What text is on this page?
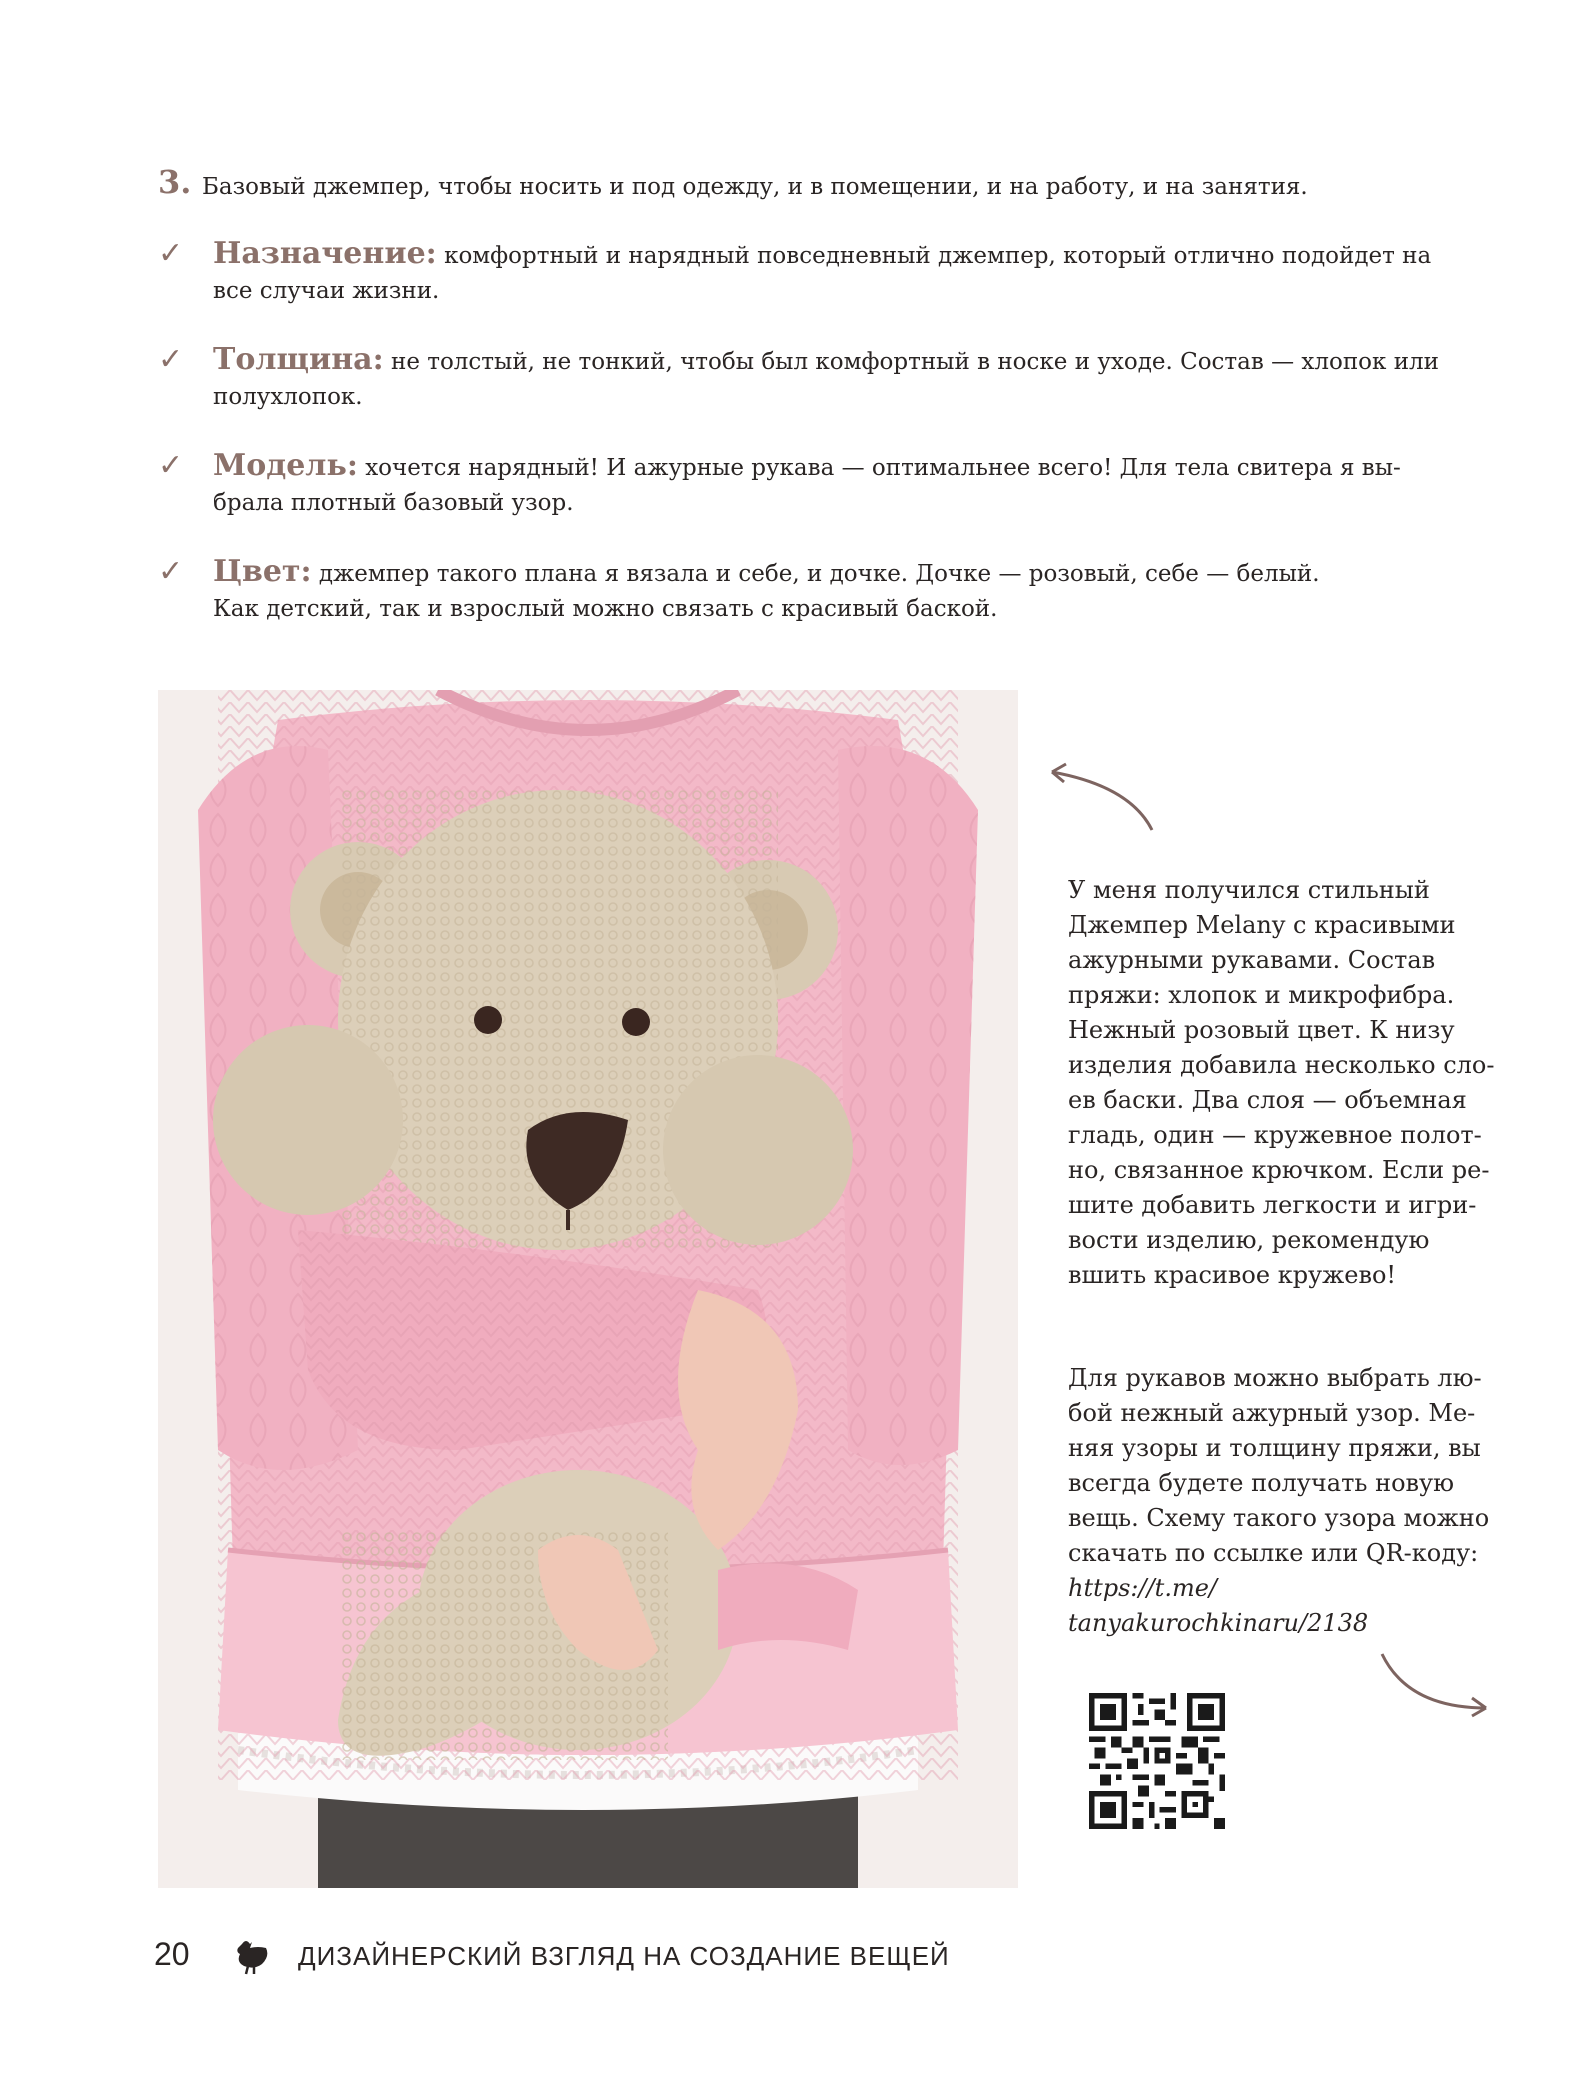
3. Базовый джемпер, чтобы носить и под одежду, и в помещении, и на работу, и на занятия.
✓ Назначение: комфортный и нарядный повседневный джемпер, который отлично подойдет на
все случаи жизни.
✓ Толщина: не толстый, не тонкий, чтобы был комфортный в носке и уходе. Состав — хлопок или
полухлопок.
✓ Модель: хочется нарядный! И ажурные рукава — оптимальнее всего! Для тела свитера я вы-
брала плотный базовый узор.
✓ Цвет: джемпер такого плана я вязала и себе, и дочке. Дочке — розовый, себе — белый.
Как детский, так и взрослый можно связать с красивый баской.
У меня получился стильный
Джемпер Melany с красивыми
ажурными рукавами. Состав
пряжи: хлопок и микрофибра.
Нежный розовый цвет. К низу
изделия добавила несколько сло-
ев баски. Два слоя — объемная
гладь, один — кружевное полот-
но, связанное крючком. Если ре-
шите добавить легкости и игри-
вости изделию, рекомендую
вшить красивое кружево!
Для рукавов можно выбрать лю-
бой нежный ажурный узор. Ме-
няя узоры и толщину пряжи, вы
всегда будете получать новую
вещь. Схему такого узора можно
скачать по ссылке или QR-коду:
https://t.me/
tanyakurochkinaru/2138
20	ДИЗАЙНЕРСКИЙ ВЗГЛЯД НА СОЗДАНИЕ ВЕЩЕЙ
